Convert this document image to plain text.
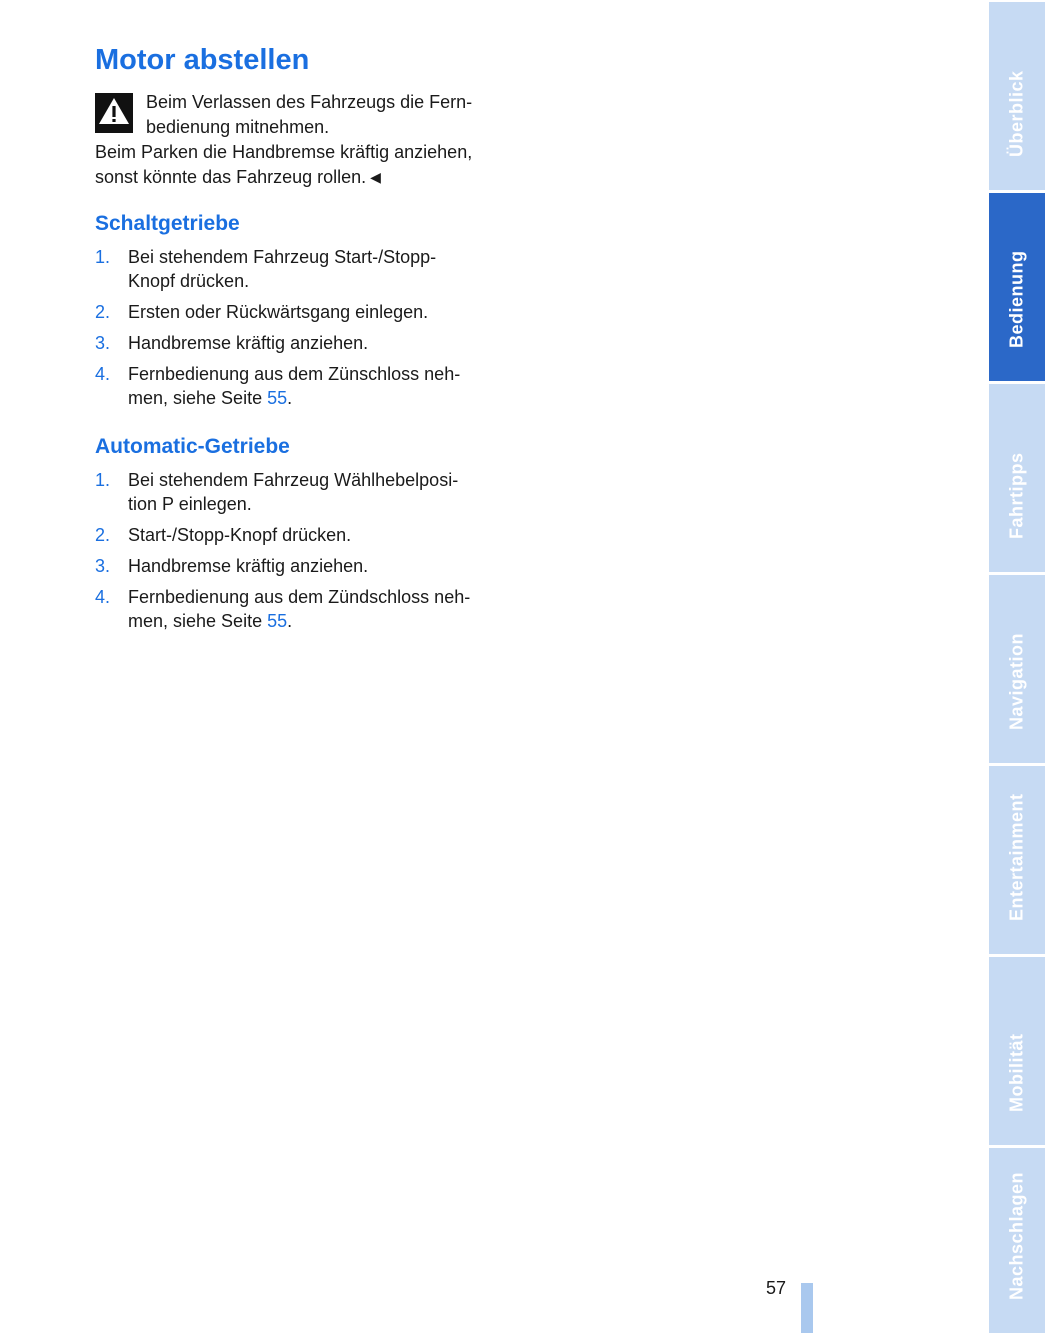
Motor abstellen
Beim Verlassen des Fahrzeugs die Fern-
bedienung mitnehmen.
Beim Parken die Handbremse kräftig anziehen,
sonst könnte das Fahrzeug rollen. ◀
Schaltgetriebe
1. Bei stehendem Fahrzeug Start-/Stopp-
Knopf drücken.
2. Ersten oder Rückwärtsgang einlegen.
3. Handbremse kräftig anziehen.
4. Fernbedienung aus dem Zünschloss neh-
men, siehe Seite 55.
Automatic-Getriebe
1. Bei stehendem Fahrzeug Wählhebelposi-
tion P einlegen.
2. Start-/Stopp-Knopf drücken.
3. Handbremse kräftig anziehen.
4. Fernbedienung aus dem Zündschloss neh-
men, siehe Seite 55.
57
Überblick
Bedienung
Fahrtipps
Navigation
Entertainment
Mobilität
Nachschlagen
